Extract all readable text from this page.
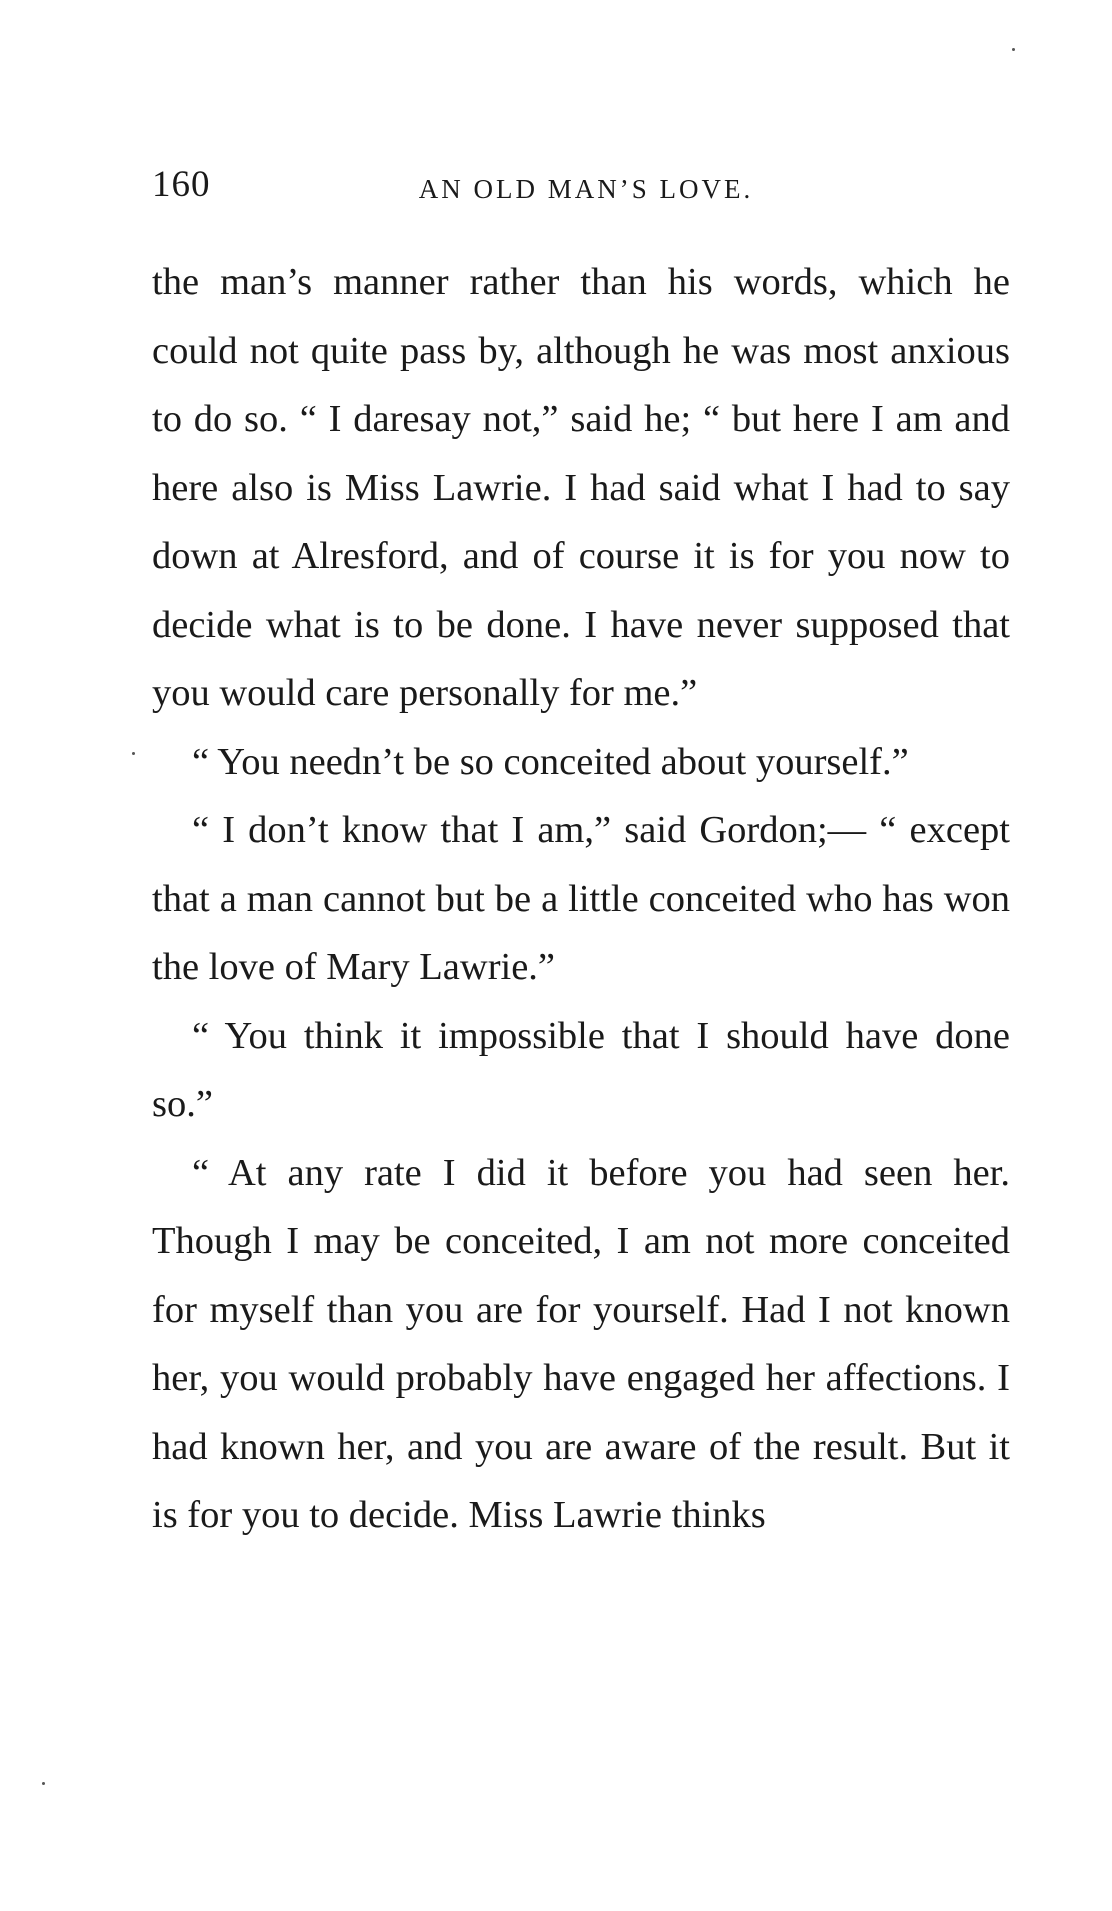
160	AN OLD MAN’S LOVE.

the man’s manner rather than his words, which he could not quite pass by, although he was most anxious to do so. “ I daresay not,” said he; “ but here I am and here also is Miss Lawrie. I had said what I had to say down at Alresford, and of course it is for you now to decide what is to be done. I have never supposed that you would care personally for me.”

“ You needn’t be so conceited about yourself.”

“ I don’t know that I am,” said Gordon;— “ except that a man cannot but be a little conceited who has won the love of Mary Lawrie.”

“ You think it impossible that I should have done so.”

“ At any rate I did it before you had seen her. Though I may be conceited, I am not more conceited for myself than you are for yourself. Had I not known her, you would probably have engaged her affections. I had known her, and you are aware of the result. But it is for you to decide. Miss Lawrie thinks
